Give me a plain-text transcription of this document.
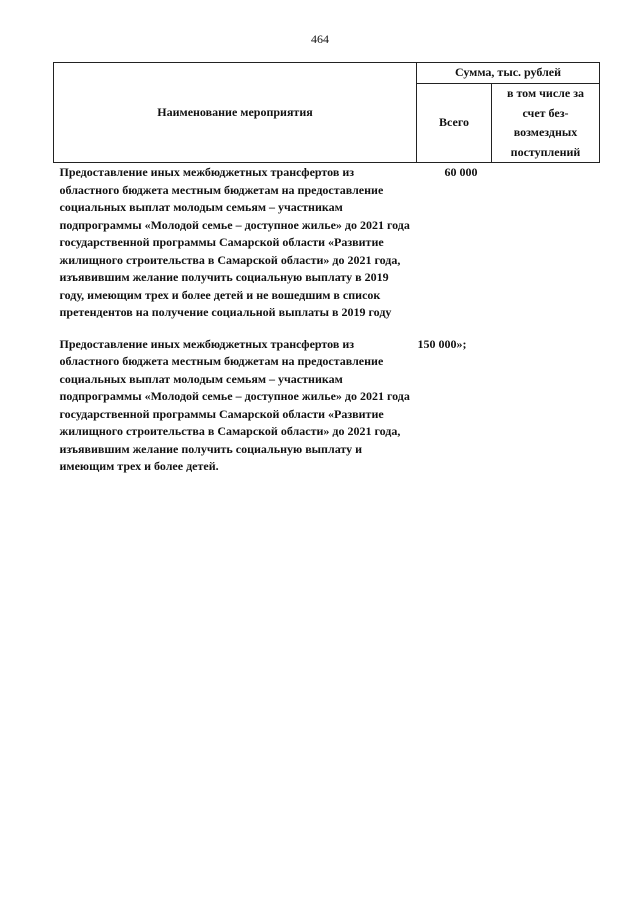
464
Наименование мероприятия	Сумма, тыс. рублей	
	Всего	в том числе за счет без-возмездных поступлений
Предоставление иных межбюджетных трансфертов из областного бюджета местным бюджетам на предоставление социальных выплат молодым семьям – участникам подпрограммы «Молодой семье – доступное жилье» до 2021 года государственной программы Самарской области «Развитие жилищного строительства в Самарской области» до 2021 года, изъявившим желание получить социальную выплату в 2019 году, имеющим трех и более детей и не вошедшим в список претендентов на получение социальной выплаты в 2019 году	60 000	
Предоставление иных межбюджетных трансфертов из областного бюджета местным бюджетам на предоставление социальных выплат молодым семьям – участникам подпрограммы «Молодой семье – доступное жилье» до 2021 года государственной программы Самарской области «Развитие жилищного строительства в Самарской области» до 2021 года, изъявившим желание получить социальную выплату и имеющим трех и более детей.	150 000»;	
